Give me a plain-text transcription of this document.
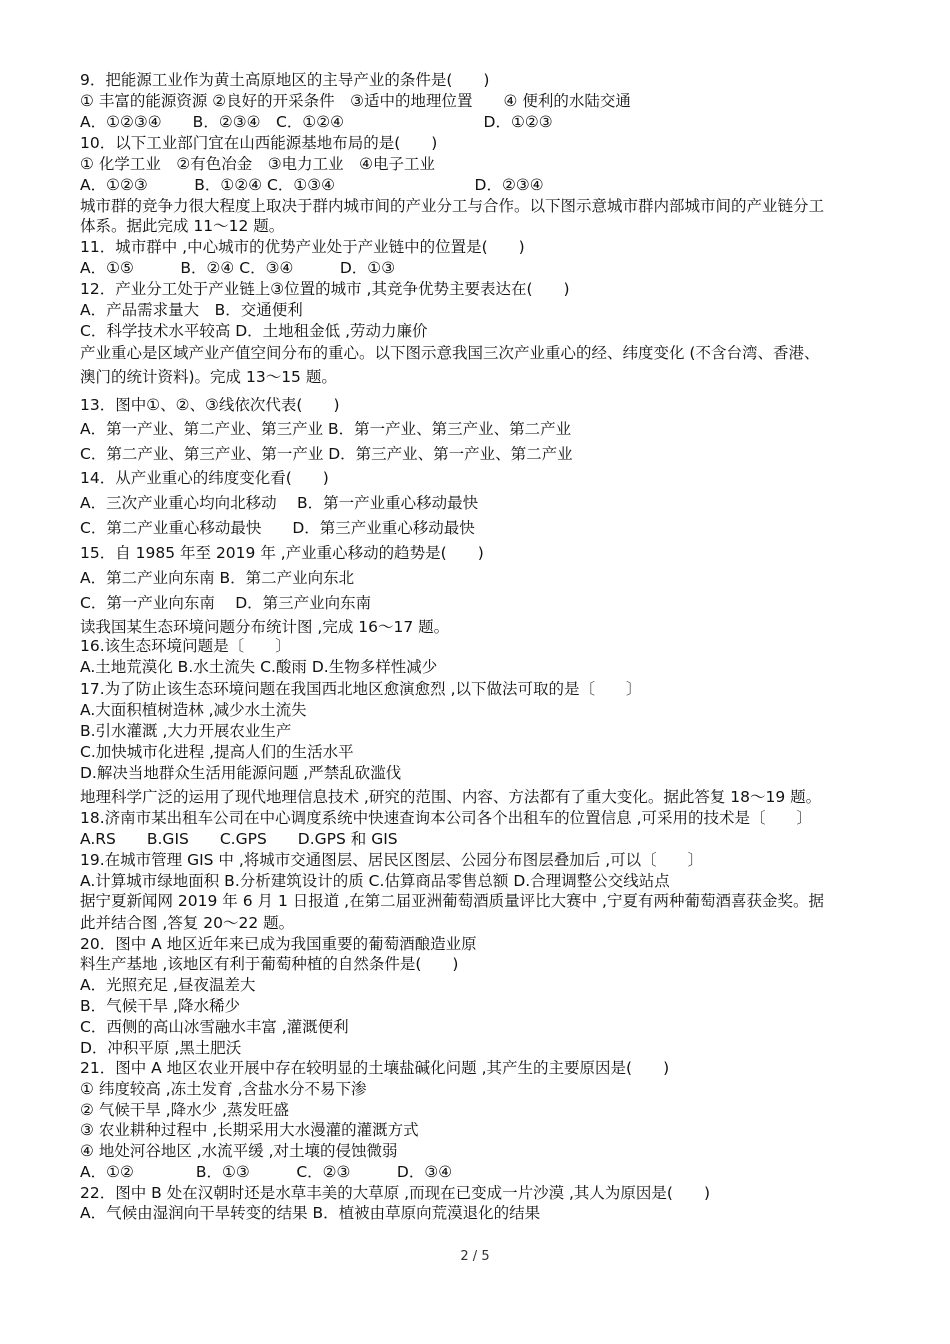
9．把能源工业作为黄土高原地区的主导产业的条件是(　　)
① 丰富的能源资源 ②良好的开采条件　③适中的地理位置　　④ 便利的水陆交通
A．①②③④　　B．②③④　C．①②④　　　　　　　　　D．①②③
10．以下工业部门宜在山西能源基地布局的是(　　)
① 化学工业　②有色冶金　③电力工业　④电子工业
A．①②③　　　B．①②④ C．①③④　　　　　　　　　D．②③④
城市群的竞争力很大程度上取决于群内城市间的产业分工与合作。以下图示意城市群内部城市间的产业链分工
体系。据此完成 11～12 题。
11．城市群中 ,中心城市的优势产业处于产业链中的位置是(　　)
A．①⑤　　　B．②④ C．③④　　　D．①③
12．产业分工处于产业链上③位置的城市 ,其竞争优势主要表达在(　　)
A．产品需求量大　B．交通便利
C．科学技术水平较高 D．土地租金低 ,劳动力廉价
产业重心是区域产业产值空间分布的重心。以下图示意我国三次产业重心的经、纬度变化 (不含台湾、香港、
澳门的统计资料)。完成 13～15 题。
13．图中①、②、③线依次代表(　　)
A．第一产业、第二产业、第三产业 B．第一产业、第三产业、第二产业
C．第二产业、第三产业、第一产业 D．第三产业、第一产业、第二产业
14．从产业重心的纬度变化看(　　)
A．三次产业重心均向北移动　 B．第一产业重心移动最快
C．第二产业重心移动最快　　D．第三产业重心移动最快
15．自 1985 年至 2019 年 ,产业重心移动的趋势是(　　)
A．第二产业向东南 B．第二产业向东北
C．第一产业向东南　 D．第三产业向东南
读我国某生态环境问题分布统计图 ,完成 16～17 题。
16.该生态环境问题是〔　　〕
A.土地荒漠化 B.水土流失 C.酸雨 D.生物多样性减少
17.为了防止该生态环境问题在我国西北地区愈演愈烈 ,以下做法可取的是〔　　〕
A.大面积植树造林 ,减少水土流失
B.引水灌溉 ,大力开展农业生产
C.加快城市化进程 ,提高人们的生活水平
D.解决当地群众生活用能源问题 ,严禁乱砍滥伐
地理科学广泛的运用了现代地理信息技术 ,研究的范围、内容、方法都有了重大变化。据此答复 18～19 题。
18.济南市某出租车公司在中心调度系统中快速查询本公司各个出租车的位置信息 ,可采用的技术是〔　　〕
A.RS　　B.GIS　　C.GPS　　D.GPS 和 GIS
19.在城市管理 GIS 中 ,将城市交通图层、居民区图层、公园分布图层叠加后 ,可以〔　　〕
A.计算城市绿地面积 B.分析建筑设计的质 C.估算商品零售总额 D.合理调整公交线站点
据宁夏新闻网 2019 年 6 月 1 日报道 ,在第二届亚洲葡萄酒质量评比大赛中 ,宁夏有两种葡萄酒喜获金奖。据
此并结合图 ,答复 20～22 题。
20．图中 A 地区近年来已成为我国重要的葡萄酒酿造业原
料生产基地 ,该地区有利于葡萄种植的自然条件是(　　)
A．光照充足 ,昼夜温差大
B．气候干旱 ,降水稀少
C．西侧的高山冰雪融水丰富 ,灌溉便利
D．冲积平原 ,黑土肥沃
21．图中 A 地区农业开展中存在较明显的土壤盐碱化问题 ,其产生的主要原因是(　　)
① 纬度较高 ,冻土发育 ,含盐水分不易下渗
② 气候干旱 ,降水少 ,蒸发旺盛
③ 农业耕种过程中 ,长期采用大水漫灌的灌溉方式
④ 地处河谷地区 ,水流平缓 ,对土壤的侵蚀微弱
A．①②　　　　B．①③　　　C．②③　　　D．③④
22．图中 B 处在汉朝时还是水草丰美的大草原 ,而现在已变成一片沙漠 ,其人为原因是(　　)
A．气候由湿润向干旱转变的结果 B．植被由草原向荒漠退化的结果
2 / 5
